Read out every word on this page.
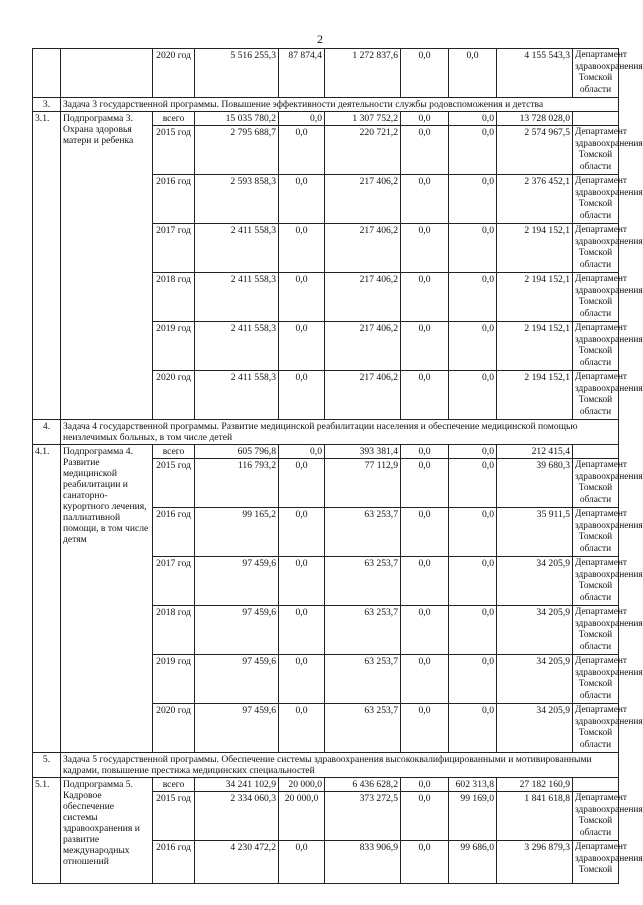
2
		2020 год	5 516 255,3	87 874,4	1 272 837,6	0,0	0,0	4 155 543,3	Департамент здравоохранения Томской области
3.	Задача 3 государственной программы. Повышение эффективности деятельности службы родовспоможения и детства								
3.1.	Подпрограмма 3. Охрана здоровья матери и ребенка	всего	15 035 780,2	0,0	1 307 752,2	0,0	0,0	13 728 028,0	
		2015 год	2 795 688,7	0,0	220 721,2	0,0	0,0	2 574 967,5	Департамент здравоохранения Томской области
		2016 год	2 593 858,3	0,0	217 406,2	0,0	0,0	2 376 452,1	Департамент здравоохранения Томской области
		2017 год	2 411 558,3	0,0	217 406,2	0,0	0,0	2 194 152,1	Департамент здравоохранения Томской области
		2018 год	2 411 558,3	0,0	217 406,2	0,0	0,0	2 194 152,1	Департамент здравоохранения Томской области
		2019 год	2 411 558,3	0,0	217 406,2	0,0	0,0	2 194 152,1	Департамент здравоохранения Томской области
		2020 год	2 411 558,3	0,0	217 406,2	0,0	0,0	2 194 152,1	Департамент здравоохранения Томской области
4.	Задача 4 государственной программы. Развитие медицинской реабилитации населения и обеспечение медицинской помощью неизлечимых больных, в том числе детей								
4.1.	Подпрограмма 4. Развитие медицинской реабилитации и санаторно-курортного лечения, паллиативной помощи, в том числе детям	всего	605 796,8	0,0	393 381,4	0,0	0,0	212 415,4	
		2015 год	116 793,2	0,0	77 112,9	0,0	0,0	39 680,3	Департамент здравоохранения Томской области
		2016 год	99 165,2	0,0	63 253,7	0,0	0,0	35 911,5	Департамент здравоохранения Томской области
		2017 год	97 459,6	0,0	63 253,7	0,0	0,0	34 205,9	Департамент здравоохранения Томской области
		2018 год	97 459,6	0,0	63 253,7	0,0	0,0	34 205,9	Департамент здравоохранения Томской области
		2019 год	97 459,6	0,0	63 253,7	0,0	0,0	34 205,9	Департамент здравоохранения Томской области
		2020 год	97 459,6	0,0	63 253,7	0,0	0,0	34 205,9	Департамент здравоохранения Томской области
5.	Задача 5 государственной программы. Обеспечение системы здравоохранения высококвалифицированными и мотивированными кадрами, повышение престижа медицинских специальностей								
5.1.	Подпрограмма 5. Кадровое обеспечение системы здравоохранения и развитие международных отношений	всего	34 241 102,9	20 000,0	6 436 628,2	0,0	602 313,8	27 182 160,9	
		2015 год	2 334 060,3	20 000,0	373 272,5	0,0	99 169,0	1 841 618,8	Департамент здравоохранения Томской области
		2016 год	4 230 472,2	0,0	833 906,9	0,0	99 686,0	3 296 879,3	Департамент здравоохранения Томской
